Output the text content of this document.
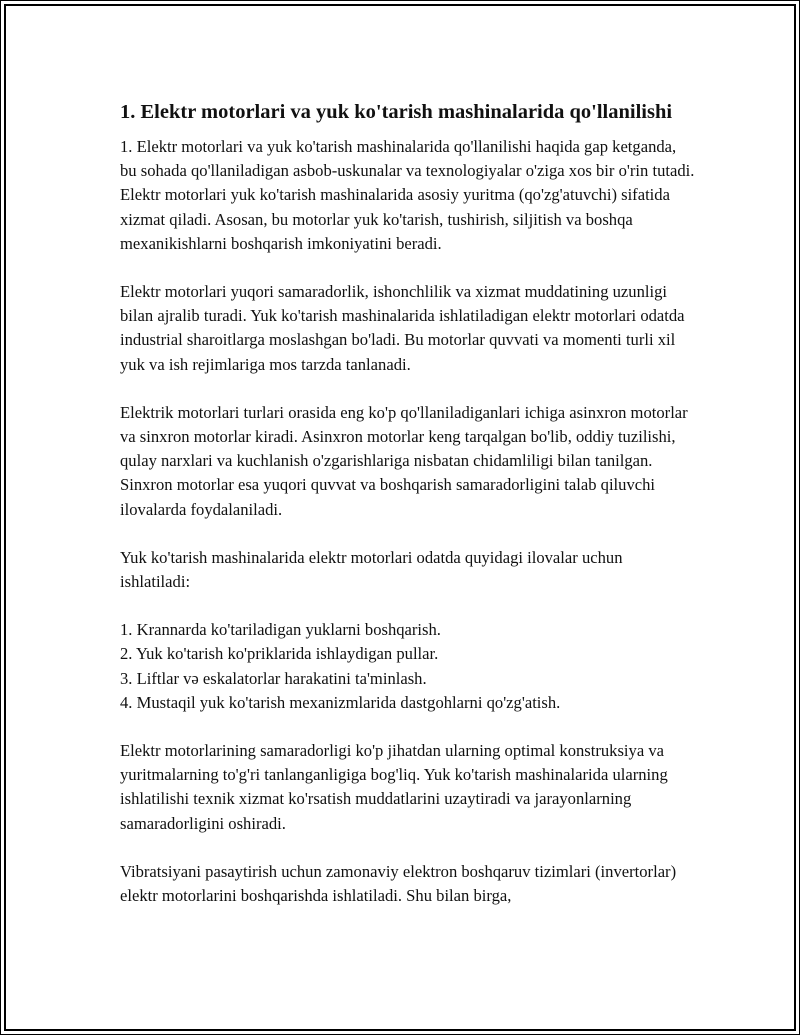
1. Elektr motorlari va yuk ko'tarish mashinalarida qo'llanilishi

1. Elektr motorlari va yuk ko'tarish mashinalarida qo'llanilishi haqida gap ketganda, bu sohada qo'llaniladigan asbob-uskunalar va texnologiyalar o'ziga xos bir o'rin tutadi. Elektr motorlari yuk ko'tarish mashinalarida asosiy yuritma (qo'zg'atuvchi) sifatida xizmat qiladi. Asosan, bu motorlar yuk ko'tarish, tushirish, siljitish va boshqa mexanikishlarni boshqarish imkoniyatini beradi.

Elektr motorlari yuqori samaradorlik, ishonchlilik va xizmat muddatining uzunligi bilan ajralib turadi. Yuk ko'tarish mashinalarida ishlatiladigan elektr motorlari odatda industrial sharoitlarga moslashgan bo'ladi. Bu motorlar quvvati va momenti turli xil yuk va ish rejimlariga mos tarzda tanlanadi.

Elektrik motorlari turlari orasida eng ko'p qo'llaniladiganlari ichiga asinxron motorlar va sinxron motorlar kiradi. Asinxron motorlar keng tarqalgan bo'lib, oddiy tuzilishi, qulay narxlari va kuchlanish o'zgarishlariga nisbatan chidamliligi bilan tanilgan. Sinxron motorlar esa yuqori quvvat va boshqarish samaradorligini talab qiluvchi ilovalarda foydalaniladi.

Yuk ko'tarish mashinalarida elektr motorlari odatda quyidagi ilovalar uchun ishlatiladi:

1. Krannarda ko'tariladigan yuklarni boshqarish.
2. Yuk ko'tarish ko'priklarida ishlaydigan pullar.
3. Liftlar və eskalatorlar harakatini ta'minlash.
4. Mustaqil yuk ko'tarish mexanizmlarida dastgohlarni qo'zg'atish.

Elektr motorlarining samaradorligi ko'p jihatdan ularning optimal konstruksiya va yuritmalarning to'g'ri tanlanganligiga bog'liq. Yuk ko'tarish mashinalarida ularning ishlatilishi texnik xizmat ko'rsatish muddatlarini uzaytiradi va jarayonlarning samaradorligini oshiradi.

Vibratsiyani pasaytirish uchun zamonaviy elektron boshqaruv tizimlari (invertorlar) elektr motorlarini boshqarishda ishlatiladi. Shu bilan birga,
